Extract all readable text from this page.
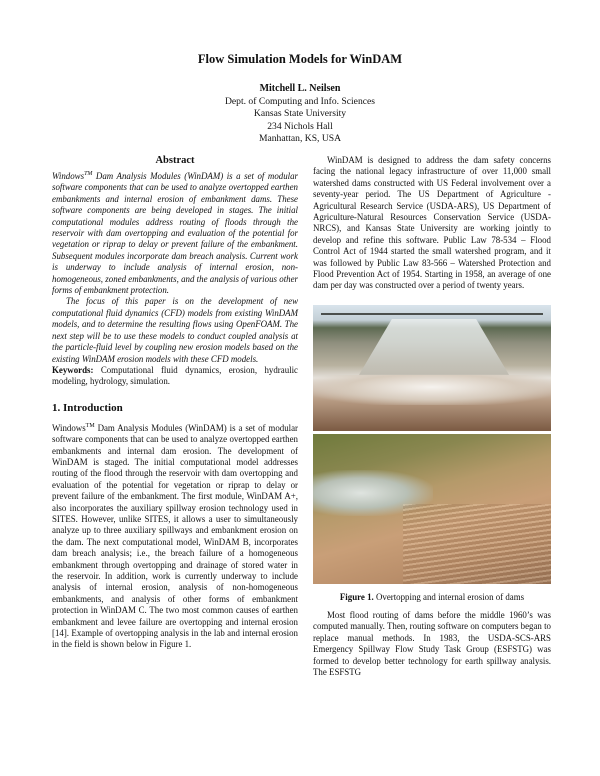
Flow Simulation Models for WinDAM
Mitchell L. Neilsen
Dept. of Computing and Info. Sciences
Kansas State University
234 Nichols Hall
Manhattan, KS, USA
Abstract

Windows™ Dam Analysis Modules (WinDAM) is a set of modular software components that can be used to analyze overtopped earthen embankments and internal erosion of embankment dams. These software components are being developed in stages. The initial computational modules address routing of floods through the reservoir with dam overtopping and evaluation of the potential for vegetation or riprap to delay or prevent failure of the embankment. Subsequent modules incorporate dam breach analysis. Current work is underway to include analysis of internal erosion, non-homogeneous, zoned embankments, and the analysis of various other forms of embankment protection.

The focus of this paper is on the development of new computational fluid dynamics (CFD) models from existing WinDAM models, and to determine the resulting flows using OpenFOAM. The next step will be to use these models to conduct coupled analysis at the particle-fluid level by coupling new erosion models based on the existing WinDAM erosion models with these CFD models.

Keywords: Computational fluid dynamics, erosion, hydraulic modeling, hydrology, simulation.

1. Introduction

Windows™ Dam Analysis Modules (WinDAM) is a set of modular software components that can be used to analyze overtopped earthen embankments and internal dam erosion. The development of WinDAM is staged. The initial computational model addresses routing of the flood through the reservoir with dam overtopping and evaluation of the potential for vegetation or riprap to delay or prevent failure of the embankment. The first module, WinDAM A+, also incorporates the auxiliary spillway erosion technology used in SITES. However, unlike SITES, it allows a user to simultaneously analyze up to three auxiliary spillways and embankment erosion on the dam. The next computational model, WinDAM B, incorporates dam breach analysis; i.e., the breach failure of a homogeneous embankment through overtopping and drainage of stored water in the reservoir. In addition, work is currently underway to include analysis of internal erosion, analysis of non-homogeneous embankments, and analysis of other forms of embankment protection in WinDAM C. The two most common causes of earthen embankment and levee failure are overtopping and internal erosion [14]. Example of overtopping analysis in the lab and internal erosion in the field is shown below in Figure 1.

WinDAM is designed to address the dam safety concerns facing the national legacy infrastructure of over 11,000 small watershed dams constructed with US Federal involvement over a seventy-year period. The US Department of Agriculture -Agricultural Research Service (USDA-ARS), US Department of Agriculture-Natural Resources Conservation Service (USDA-NRCS), and Kansas State University are working jointly to develop and refine this software. Public Law 78-534 – Flood Control Act of 1944 started the small watershed program, and it was followed by Public Law 83-566 – Watershed Protection and Flood Prevention Act of 1954. Starting in 1958, an average of one dam per day was constructed over a period of twenty years.

Figure 1. Overtopping and internal erosion of dams

Most flood routing of dams before the middle 1960’s was computed manually. Then, routing software on computers began to replace manual methods. In 1983, the USDA-SCS-ARS Emergency Spillway Flow Study Task Group (ESFSTG) was formed to develop better technology for earth spillway analysis. The ESFSTG
